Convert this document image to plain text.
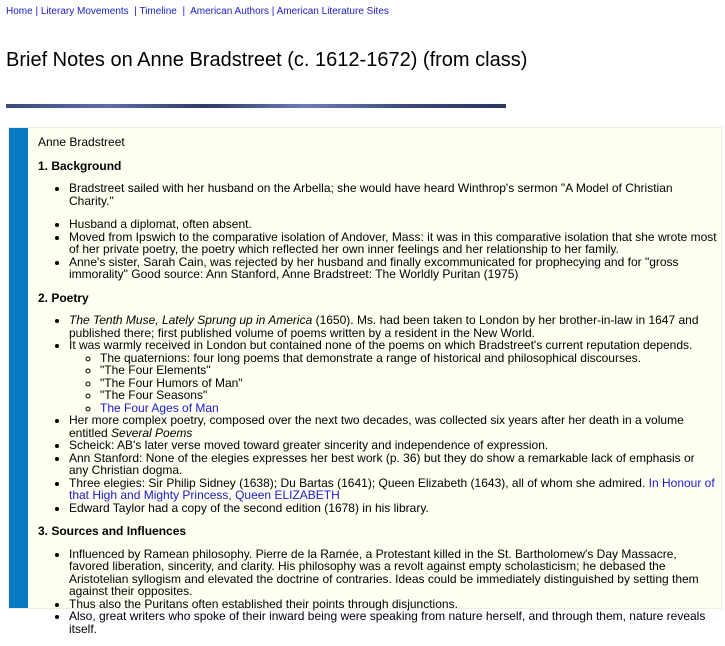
Home | Literary Movements | Timeline | American Authors | American Literature Sites
Brief Notes on Anne Bradstreet (c. 1612-1672) (from class)

Anne Bradstreet

1. Background
• Bradstreet sailed with her husband on the Arbella; she would have heard Winthrop's sermon "A Model of Christian Charity."
• Husband a diplomat, often absent.
• Moved from Ipswich to the comparative isolation of Andover, Mass: it was in this comparative isolation that she wrote most of her private poetry, the poetry which reflected her own inner feelings and her relationship to her family.
• Anne's sister, Sarah Cain, was rejected by her husband and finally excommunicated for prophecying and for "gross immorality" Good source: Ann Stanford, Anne Bradstreet: The Worldly Puritan (1975)
2. Poetry
• The Tenth Muse, Lately Sprung up in America (1650). Ms. had been taken to London by her brother-in-law in 1647 and published there; first published volume of poems written by a resident in the New World.
• It was warmly received in London but contained none of the poems on which Bradstreet's current reputation depends.
◦ The quaternions: four long poems that demonstrate a range of historical and philosophical discourses.
◦ "The Four Elements"
◦ "The Four Humors of Man"
◦ "The Four Seasons"
◦ The Four Ages of Man
• Her more complex poetry, composed over the next two decades, was collected six years after her death in a volume entitled Several Poems
• Scheick: AB's later verse moved toward greater sincerity and independence of expression.
• Ann Stanford: None of the elegies expresses her best work (p. 36) but they do show a remarkable lack of emphasis or any Christian dogma.
• Three elegies: Sir Philip Sidney (1638); Du Bartas (1641); Queen Elizabeth (1643), all of whom she admired. In Honour of that High and Mighty Princess, Queen ELIZABETH
• Edward Taylor had a copy of the second edition (1678) in his library.
3. Sources and Influences
• Influenced by Ramean philosophy. Pierre de la Ramée, a Protestant killed in the St. Bartholomew's Day Massacre, favored liberation, sincerity, and clarity. His philosophy was a revolt against empty scholasticism; he debased the Aristotelian syllogism and elevated the doctrine of contraries. Ideas could be immediately distinguished by setting them against their opposites.
• Thus also the Puritans often established their points through disjunctions.
• Also, great writers who spoke of their inward being were speaking from nature herself, and through them, nature reveals itself.
